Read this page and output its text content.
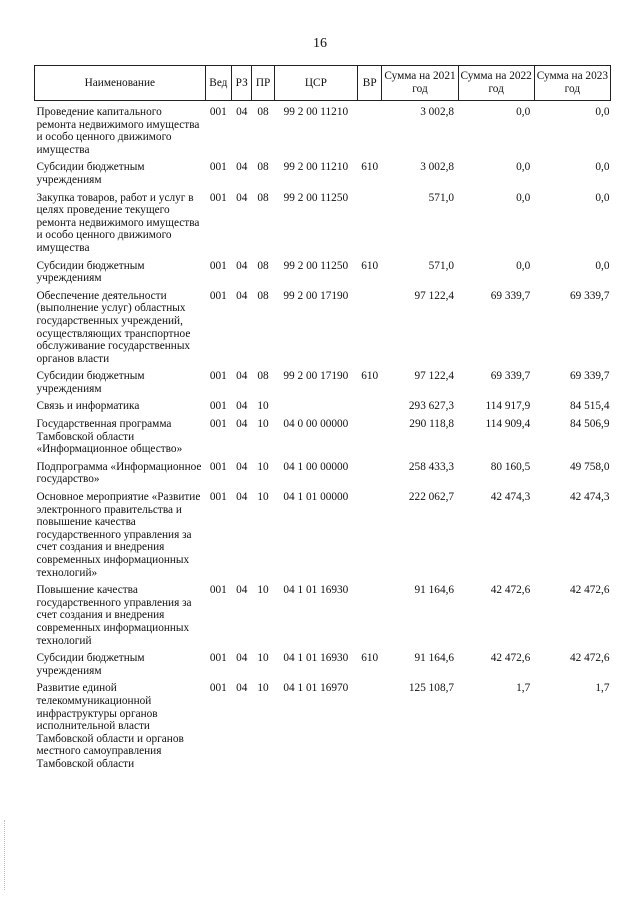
16
Наименование	Вед	РЗ	ПР	ЦСР	ВР	Сумма на 2021 год	Сумма на 2022 год	Сумма на 2023 год
Проведение капитального ремонта недвижимого имущества и особо ценного движимого имущества	001	04	08	99 2 00 11210		3 002,8	0,0	0,0
Субсидии бюджетным учреждениям	001	04	08	99 2 00 11210	610	3 002,8	0,0	0,0
Закупка товаров, работ и услуг в целях проведение текущего ремонта недвижимого имущества и особо ценного движимого имущества	001	04	08	99 2 00 11250		571,0	0,0	0,0
Субсидии бюджетным учреждениям	001	04	08	99 2 00 11250	610	571,0	0,0	0,0
Обеспечение деятельности (выполнение услуг) областных государственных учреждений, осуществляющих транспортное обслуживание государственных органов власти	001	04	08	99 2 00 17190		97 122,4	69 339,7	69 339,7
Субсидии бюджетным учреждениям	001	04	08	99 2 00 17190	610	97 122,4	69 339,7	69 339,7
Связь и информатика	001	04	10			293 627,3	114 917,9	84 515,4
Государственная программа Тамбовской области «Информационное общество»	001	04	10	04 0 00 00000		290 118,8	114 909,4	84 506,9
Подпрограмма «Информационное государство»	001	04	10	04 1 00 00000		258 433,3	80 160,5	49 758,0
Основное мероприятие «Развитие электронного правительства и повышение качества государственного управления за счет создания и внедрения современных информационных технологий»	001	04	10	04 1 01 00000		222 062,7	42 474,3	42 474,3
Повышение качества государственного управления за счет создания и внедрения современных информационных технологий	001	04	10	04 1 01 16930		91 164,6	42 472,6	42 472,6
Субсидии бюджетным учреждениям	001	04	10	04 1 01 16930	610	91 164,6	42 472,6	42 472,6
Развитие единой телекоммуникационной инфраструктуры органов исполнительной власти Тамбовской области и органов местного самоуправления Тамбовской области	001	04	10	04 1 01 16970		125 108,7	1,7	1,7
